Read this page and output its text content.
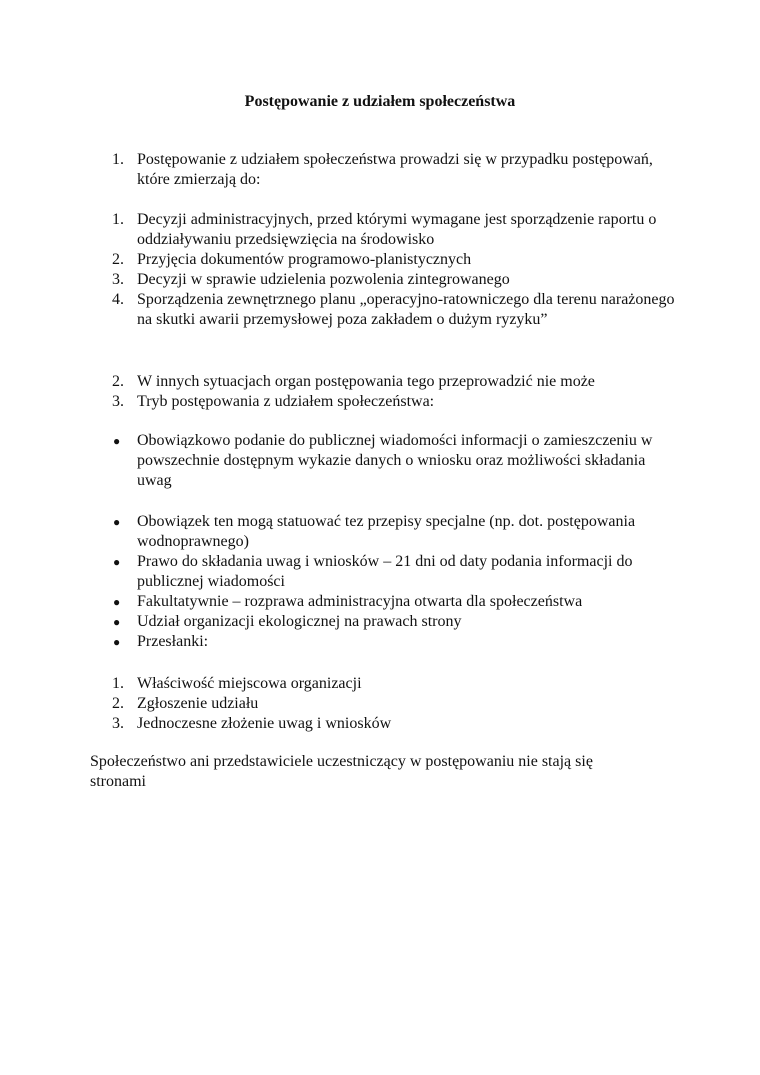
Postępowanie z udziałem społeczeństwa
1. Postępowanie z udziałem społeczeństwa prowadzi się w przypadku postępowań, które zmierzają do:
1. Decyzji administracyjnych, przed którymi wymagane jest sporządzenie raportu o oddziaływaniu przedsięwzięcia na środowisko
2. Przyjęcia dokumentów programowo-planistycznych
3. Decyzji w sprawie udzielenia pozwolenia zintegrowanego
4. Sporządzenia zewnętrznego planu „operacyjno-ratowniczego dla terenu narażonego na skutki awarii przemysłowej poza zakładem o dużym ryzyku”
2. W innych sytuacjach organ postępowania tego przeprowadzić nie może
3. Tryb postępowania z udziałem społeczeństwa:
● Obowiązkowo podanie do publicznej wiadomości informacji o zamieszczeniu w powszechnie dostępnym wykazie danych o wniosku oraz możliwości składania uwag
● Obowiązek ten mogą statuować tez przepisy specjalne (np. dot. postępowania wodnoprawnego)
● Prawo do składania uwag i wniosków – 21 dni od daty podania informacji do publicznej wiadomości
● Fakultatywnie – rozprawa administracyjna otwarta dla społeczeństwa
● Udział organizacji ekologicznej na prawach strony
● Przesłanki:
1. Właściwość miejscowa organizacji
2. Zgłoszenie udziału
3. Jednoczesne złożenie uwag i wniosków
Społeczeństwo ani przedstawiciele uczestniczący w postępowaniu nie stają się stronami
